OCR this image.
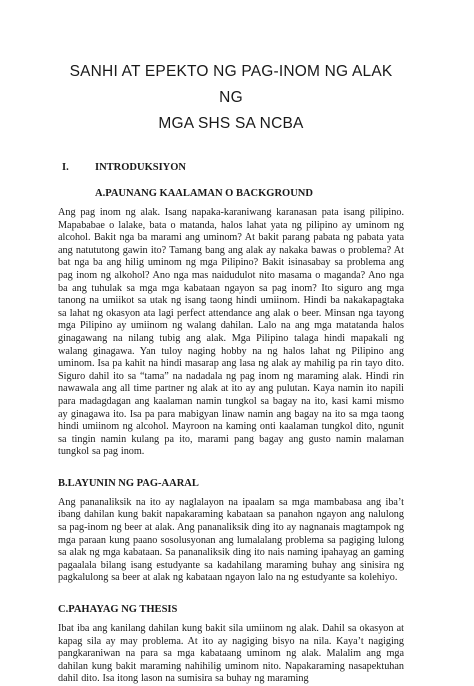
SANHI AT EPEKTO NG PAG-INOM NG ALAK NG
MGA SHS SA NCBA
I.	INTRODUKSIYON
A.PAUNANG KAALAMAN O BACKGROUND

Ang pag inom ng alak. Isang napaka-karaniwang karanasan pata isang pilipino. Mapababae o lalake, bata o matanda, halos lahat yata ng pilipino ay uminom ng alcohol. Bakit nga ba marami ang uminom? At bakit parang pabata ng pabata yata ang natututong gawin ito? Tamang bang ang alak ay nakaka bawas o problema? At bat nga ba ang hilig uminom ng mga Pilipino? Bakit isinasabay sa problema ang pag inom ng alkohol? Ano nga mas naidudulot nito masama o maganda? Ano nga ba ang tuhulak sa mga mga kabataan ngayon sa pag inom? Ito siguro ang mga tanong na umiikot sa utak ng isang taong hindi umiinom. Hindi ba nakakapagtaka sa lahat ng okasyon ata lagi perfect attendance ang alak o beer. Minsan nga tayong mga Pilipino ay umiinom ng walang dahilan. Lalo na ang mga matatanda halos ginagawang na nilang tubig ang alak. Mga Pilipino talaga hindi mapakali ng walang ginagawa. Yan tuloy naging hobby na ng halos lahat ng Pilipino ang uminom. Isa pa kahit na hindi masarap ang lasa ng alak ay mahilig pa rin tayo dito. Siguro dahil ito sa “tama” na nadadala ng pag inom ng maraming alak. Hindi rin nawawala ang all time partner ng alak at ito ay ang pulutan. Kaya namin ito napili para madagdagan ang kaalaman namin tungkol sa bagay na ito, kasi kami mismo ay ginagawa ito. Isa pa para mabigyan linaw namin ang bagay na ito sa mga taong hindi umiinom ng alcohol. Mayroon na kaming onti kaalaman tungkol dito, ngunit sa tingin namin kulang pa ito, marami pang bagay ang gusto namin malaman tungkol sa pag inom.

B.LAYUNIN NG PAG-AARAL

Ang pananaliksik na ito ay naglalayon na ipaalam sa mga mambabasa ang iba’t ibang dahilan kung bakit napakaraming kabataan sa panahon ngayon ang nalulong sa pag-inom ng beer at alak. Ang pananaliksik ding ito ay nagnanais magtampok ng mga paraan kung paano sosolusyonan ang lumalalang problema sa pagiging lulong sa alak ng mga kabataan. Sa pananaliksik ding ito nais naming ipahayag an gaming pagaalala bilang isang estudyante sa kadahilang maraming buhay ang sinisira ng pagkalulong sa beer at alak ng kabataan ngayon lalo na ng estudyante sa kolehiyo.

C.PAHAYAG NG THESIS

Ibat iba ang kanilang dahilan kung bakit sila umiinom ng alak. Dahil sa okasyon at kapag sila ay may problema. At ito ay nagiging bisyo na nila. Kaya’t nagiging pangkaraniwan na para sa mga kabataang uminom ng alak. Malalim ang mga dahilan kung bakit maraming nahihilig uminom nito. Napakaraming nasapektuhan dahil dito. Isa itong lason na sumisira sa buhay ng maraming
